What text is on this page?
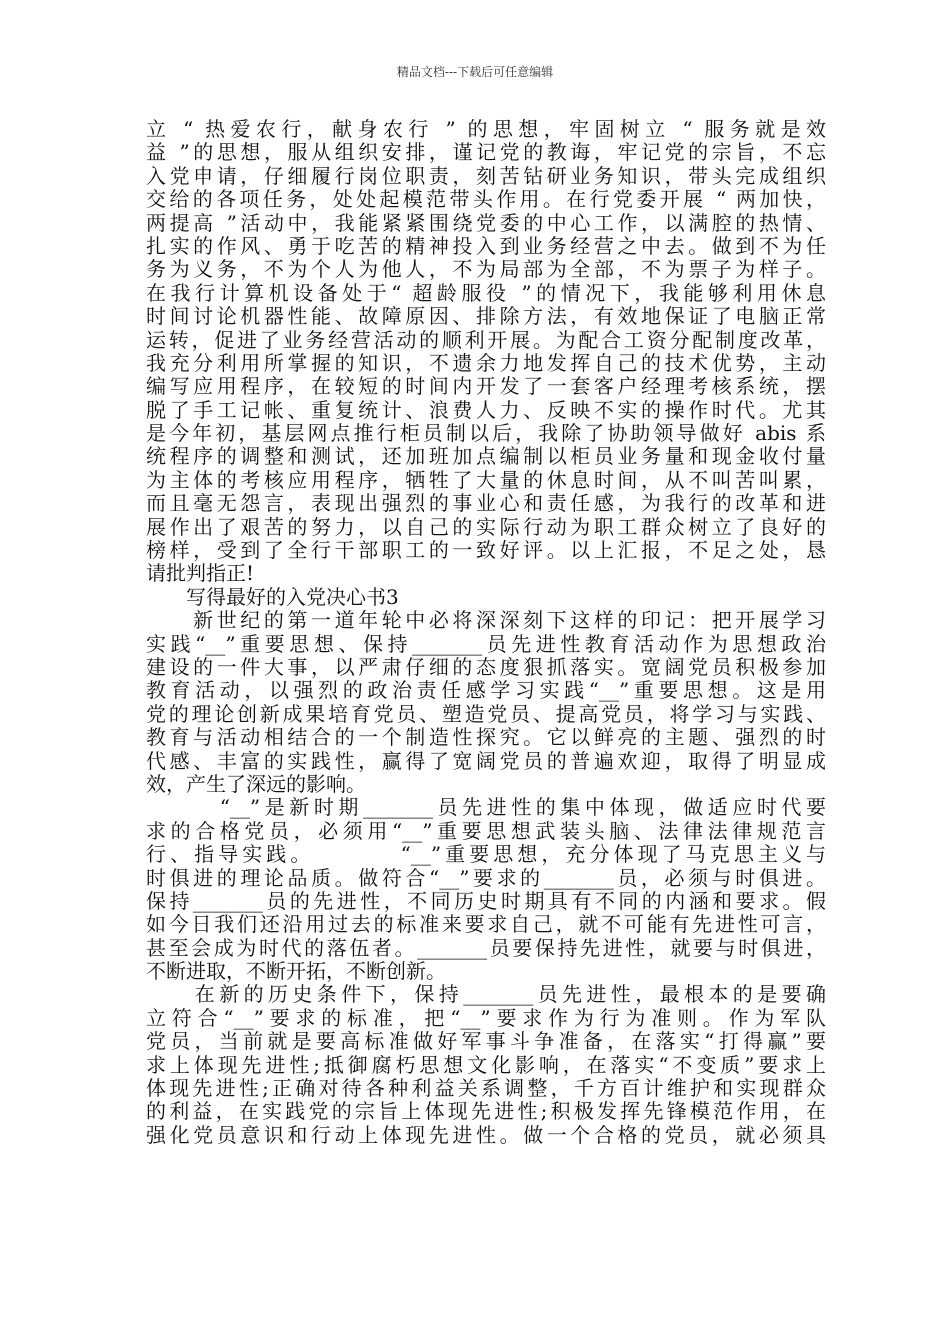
精品文档---下载后可任意编辑
立 “ 热爱农行，献身农行 ” 的思想，牢固树立 “ 服务就是效
益 ”的思想，服从组织安排，谨记党的教诲，牢记党的宗旨，不忘
入党申请，仔细履行岗位职责，刻苦钻研业务知识，带头完成组织
交给的各项任务，处处起模范带头作用。在行党委开展 “ 两加快，
两提高 ”活动中，我能紧紧围绕党委的中心工作，以满腔的热情、
扎实的作风、勇于吃苦的精神投入到业务经营之中去。做到不为任
务为义务，不为个人为他人，不为局部为全部，不为票子为样子。
在我行计算机设备处于“ 超龄服役 ”的情况下，我能够利用休息
时间讨论机器性能、故障原因、排除方法，有效地保证了电脑正常
运转，促进了业务经营活动的顺利开展。为配合工资分配制度改革，
我充分利用所掌握的知识，不遗余力地发挥自己的技术优势，主动
编写应用程序，在较短的时间内开发了一套客户经理考核系统，摆
脱了手工记帐、重复统计、浪费人力、反映不实的操作时代。尤其
是今年初，基层网点推行柜员制以后，我除了协助领导做好 abis 系
统程序的调整和测试，还加班加点编制以柜员业务量和现金收付量
为主体的考核应用程序，牺牲了大量的休息时间，从不叫苦叫累，
而且毫无怨言，表现出强烈的事业心和责任感，为我行的改革和进
展作出了艰苦的努力，以自己的实际行动为职工群众树立了良好的
榜样，受到了全行干部职工的一致好评。以上汇报，不足之处，恳
请批判指正!
　　写得最好的入党决心书3
　　新世纪的第一道年轮中必将深深刻下这样的印记：把开展学习
实践“__”重要思想、保持_______员先进性教育活动作为思想政治
建设的一件大事，以严肃仔细的态度狠抓落实。宽阔党员积极参加
教育活动，以强烈的政治责任感学习实践“__”重要思想。这是用
党的理论创新成果培育党员、塑造党员、提高党员，将学习与实践、
教育与活动相结合的一个制造性探究。它以鲜亮的主题、强烈的时
代感、丰富的实践性，赢得了宽阔党员的普遍欢迎，取得了明显成
效，产生了深远的影响。
　　　“__”是新时期_______员先进性的集中体现，做适应时代要
求的合格党员，必须用“__”重要思想武装头脑、法律法律规范言
行、指导实践。　　　　“__”重要思想，充分体现了马克思主义与
时俱进的理论品质。做符合“__”要求的_______员，必须与时俱进。
保持_______员的先进性，不同历史时期具有不同的内涵和要求。假
如今日我们还沿用过去的标准来要求自己，就不可能有先进性可言，
甚至会成为时代的落伍者。_______员要保持先进性，就要与时俱进，
不断进取，不断开拓，不断创新。
　　在新的历史条件下，保持_______员先进性，最根本的是要确
立符合“__”要求的标准，把“__”要求作为行为准则。作为军队
党员，当前就是要高标准做好军事斗争准备，在落实“打得赢”要
求上体现先进性;抵御腐朽思想文化影响，在落实“不变质”要求上
体现先进性;正确对待各种利益关系调整，千方百计维护和实现群众
的利益，在实践党的宗旨上体现先进性;积极发挥先锋模范作用，在
强化党员意识和行动上体现先进性。做一个合格的党员，就必须具
